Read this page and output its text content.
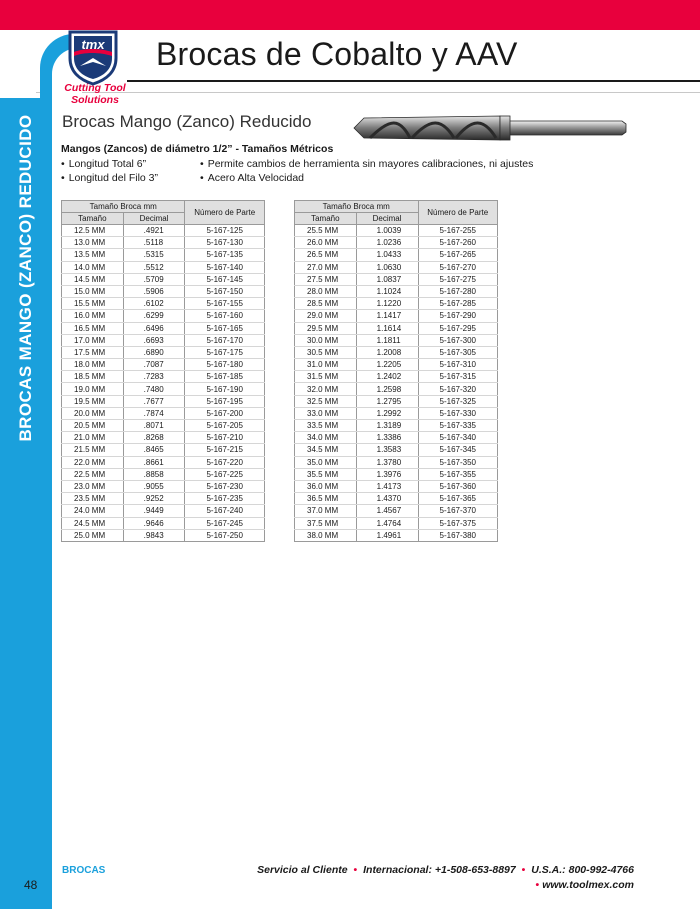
BROCAS MANGO (ZANCO) REDUCIDO
tmx
Cutting Tool
Solutions
Brocas de Cobalto y AAV
Brocas Mango (Zanco) Reducido
Mangos (Zancos) de diámetro 1/2” - Tamaños Métricos
• Longitud Total 6”
• Longitud del Filo 3”
• Permite cambios de herramienta sin mayores calibraciones, ni ajustes
• Acero Alta Velocidad
Tamaño Broca mm		Número de Parte
Tamaño	Decimal	
12.5 MM	.4921	5-167-125
13.0 MM	.5118	5-167-130
13.5 MM	.5315	5-167-135
14.0 MM	.5512	5-167-140
14.5 MM	.5709	5-167-145
15.0 MM	.5906	5-167-150
15.5 MM	.6102	5-167-155
16.0 MM	.6299	5-167-160
16.5 MM	.6496	5-167-165
17.0 MM	.6693	5-167-170
17.5 MM	.6890	5-167-175
18.0 MM	.7087	5-167-180
18.5 MM	.7283	5-167-185
19.0 MM	.7480	5-167-190
19.5 MM	.7677	5-167-195
20.0 MM	.7874	5-167-200
20.5 MM	.8071	5-167-205
21.0 MM	.8268	5-167-210
21.5 MM	.8465	5-167-215
22.0 MM	.8661	5-167-220
22.5 MM	.8858	5-167-225
23.0 MM	.9055	5-167-230
23.5 MM	.9252	5-167-235
24.0 MM	.9449	5-167-240
24.5 MM	.9646	5-167-245
25.0 MM	.9843	5-167-250
Tamaño Broca mm		Número de Parte
Tamaño	Decimal	
25.5 MM	1.0039	5-167-255
26.0 MM	1.0236	5-167-260
26.5 MM	1.0433	5-167-265
27.0 MM	1.0630	5-167-270
27.5 MM	1.0837	5-167-275
28.0 MM	1.1024	5-167-280
28.5 MM	1.1220	5-167-285
29.0 MM	1.1417	5-167-290
29.5 MM	1.1614	5-167-295
30.0 MM	1.1811	5-167-300
30.5 MM	1.2008	5-167-305
31.0 MM	1.2205	5-167-310
31.5 MM	1.2402	5-167-315
32.0 MM	1.2598	5-167-320
32.5 MM	1.2795	5-167-325
33.0 MM	1.2992	5-167-330
33.5 MM	1.3189	5-167-335
34.0 MM	1.3386	5-167-340
34.5 MM	1.3583	5-167-345
35.0 MM	1.3780	5-167-350
35.5 MM	1.3976	5-167-355
36.0 MM	1.4173	5-167-360
36.5 MM	1.4370	5-167-365
37.0 MM	1.4567	5-167-370
37.5 MM	1.4764	5-167-375
38.0 MM	1.4961	5-167-380
48
BROCAS	Servicio al Cliente • Internacional: +1-508-653-8897 • U.S.A.: 800-992-4766
• www.toolmex.com
